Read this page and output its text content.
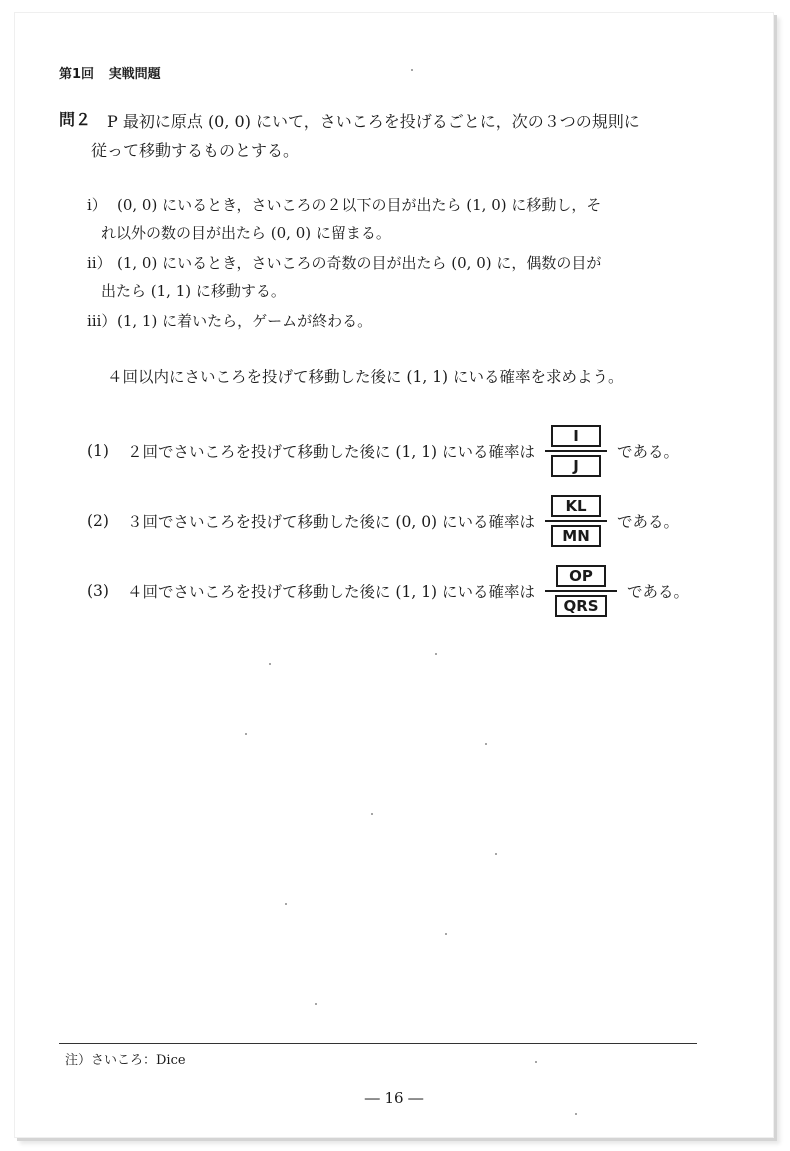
第1回 実戦問題
問２ P 最初に原点 (0, 0) にいて，さいころを投げるごとに，次の３つの規則に
従って移動するものとする。
ⅰ） (0, 0) にいるとき，さいころの２以下の目が出たら (1, 0) に移動し，そ
れ以外の数の目が出たら (0, 0) に留まる。
ⅱ） (1, 0) にいるとき，さいころの奇数の目が出たら (0, 0) に，偶数の目が
出たら (1, 1) に移動する。
ⅲ）(1, 1) に着いたら，ゲームが終わる。
４回以内にさいころを投げて移動した後に (1, 1) にいる確率を求めよう。
(1)	２回でさいころを投げて移動した後に (1, 1) にいる確率は $\frac{I}{J}$ である。
(2)	３回でさいころを投げて移動した後に (0, 0) にいる確率は $\frac{KL}{MN}$ である。
(3)	４回でさいころを投げて移動した後に (1, 1) にいる確率は $\frac{OP}{\text{QRS}}$ である。
注）さいころ：Dice
― 16 ―
